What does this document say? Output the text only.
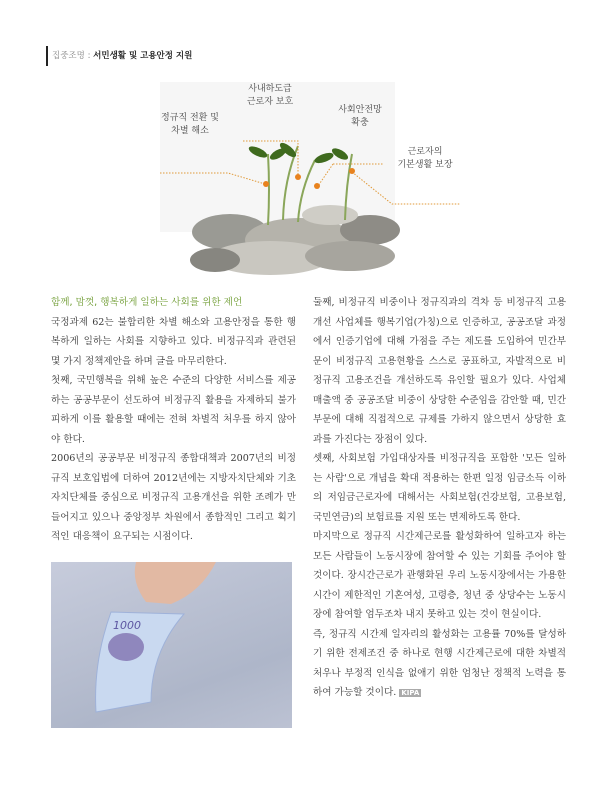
집중조명 : 서민생활 및 고용안정 지원
사내하도급
근로자 보호
정규직 전환 및
차별 해소
사회안전망
확충
근로자의
기본생활 보장

함께, 맘껏, 행복하게 일하는 사회를 위한 제언

국정과제 62는 불합리한 차별 해소와 고용안정을 통한 행복하게 일하는 사회를 지향하고 있다. 비정규직과 관련된 몇 가지 정책제안을 하며 글을 마무리한다.

첫째, 국민행복을 위해 높은 수준의 다양한 서비스를 제공하는 공공부문이 선도하여 비정규직 활용을 자제하되 불가피하게 이를 활용할 때에는 전혀 차별적 처우를 하지 않아야 한다.

2006년의 공공부문 비정규직 종합대책과 2007년의 비정규직 보호입법에 더하여 2012년에는 지방자치단체와 기초자치단체를 중심으로 비정규직 고용개선을 위한 조례가 만들어지고 있으나 중앙정부 차원에서 종합적인 그리고 획기적인 대응책이 요구되는 시점이다.

1000

둘째, 비정규직 비중이나 정규직과의 격차 등 비정규직 고용개선 사업체를 행복기업(가칭)으로 인증하고, 공공조달 과정에서 인증기업에 대해 가점을 주는 제도를 도입하여 민간부문이 비정규직 고용현황을 스스로 공표하고, 자발적으로 비정규직 고용조건을 개선하도록 유인할 필요가 있다. 사업체 매출액 중 공공조달 비중이 상당한 수준임을 감안할 때, 민간부문에 대해 직접적으로 규제를 가하지 않으면서 상당한 효과를 가진다는 장점이 있다.

셋째, 사회보험 가입대상자를 비정규직을 포함한 '모든 일하는 사람'으로 개념을 확대 적용하는 한편 일정 임금소득 이하의 저임금근로자에 대해서는 사회보험(건강보험, 고용보험, 국민연금)의 보험료를 지원 또는 면제하도록 한다.

마지막으로 정규직 시간제근로를 활성화하여 일하고자 하는 모든 사람들이 노동시장에 참여할 수 있는 기회를 주어야 할 것이다. 장시간근로가 관행화된 우리 노동시장에서는 가용한 시간이 제한적인 기혼여성, 고령층, 청년 중 상당수는 노동시장에 참여할 엄두조차 내지 못하고 있는 것이 현실이다.

즉, 정규직 시간제 일자리의 활성화는 고용률 70%를 달성하기 위한 전제조건 중 하나로 현행 시간제근로에 대한 차별적 처우나 부정적 인식을 없애기 위한 엄청난 정책적 노력을 통하여 가능할 것이다. KIPA
